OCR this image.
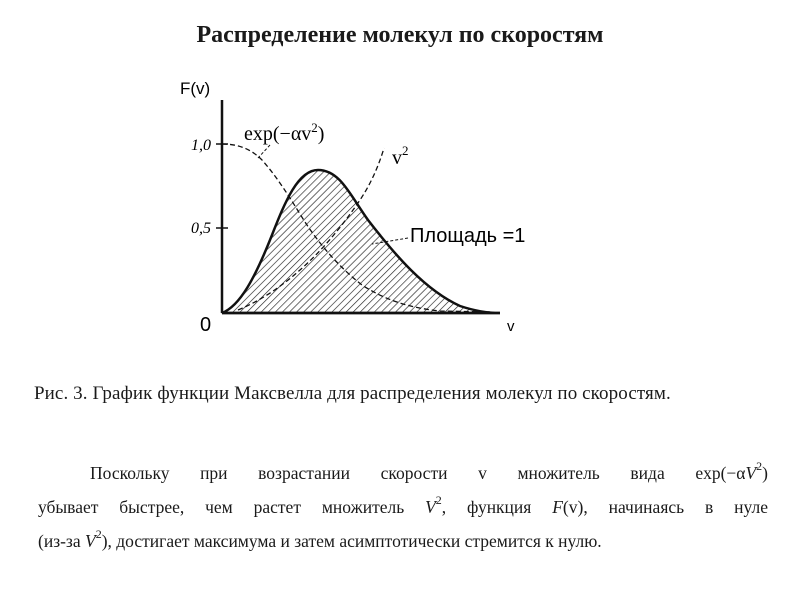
Распределение молекул по скоростям
F(v)
v
0
1,0
0,5
$\exp(-\alpha v^2)$
$v^2$
Площадь =1
Рис. 3. График функции Максвелла для распределения молекул по скоростям.
Поскольку при возрастании скорости v множитель вида $\exp(-\alpha V^2)$
убывает быстрее, чем растет множитель $V^2$, функция F(v), начинаясь в нуле
(из-за $V^2$), достигает максимума и затем асимптотически стремится к нулю.
